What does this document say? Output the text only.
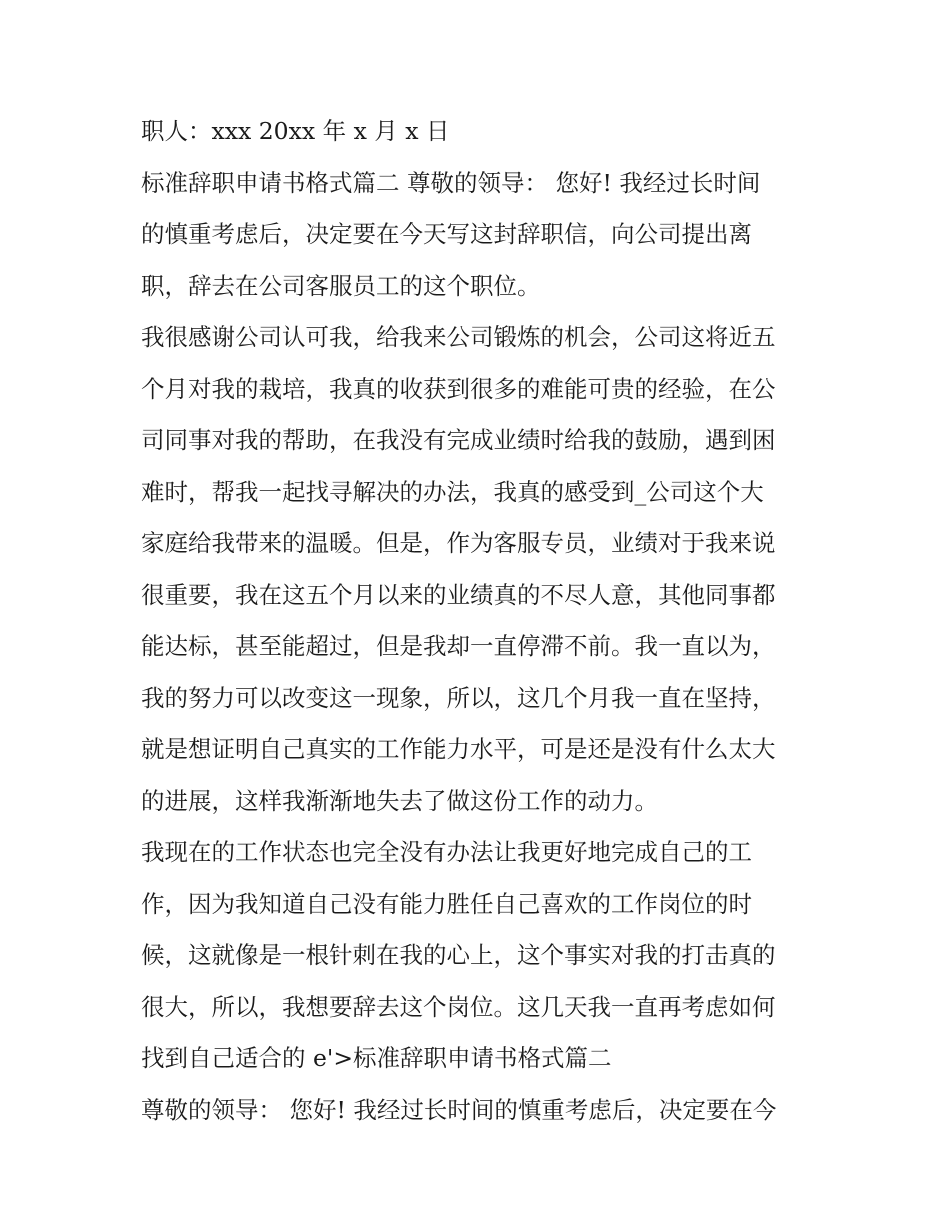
职人：xxx 20xx 年 x 月 x 日
标准辞职申请书格式篇二 尊敬的领导： 您好! 我经过长时间
的慎重考虑后，决定要在今天写这封辞职信，向公司提出离
职，辞去在公司客服员工的这个职位。
我很感谢公司认可我，给我来公司锻炼的机会，公司这将近五
个月对我的栽培，我真的收获到很多的难能可贵的经验，在公
司同事对我的帮助，在我没有完成业绩时给我的鼓励，遇到困
难时，帮我一起找寻解决的办法，我真的感受到_公司这个大
家庭给我带来的温暖。但是，作为客服专员，业绩对于我来说
很重要，我在这五个月以来的业绩真的不尽人意，其他同事都
能达标，甚至能超过，但是我却一直停滞不前。我一直以为，
我的努力可以改变这一现象，所以，这几个月我一直在坚持，
就是想证明自己真实的工作能力水平，可是还是没有什么太大
的进展，这样我渐渐地失去了做这份工作的动力。
我现在的工作状态也完全没有办法让我更好地完成自己的工
作，因为我知道自己没有能力胜任自己喜欢的工作岗位的时
候，这就像是一根针刺在我的心上，这个事实对我的打击真的
很大，所以，我想要辞去这个岗位。这几天我一直再考虑如何
找到自己适合的 e'>标准辞职申请书格式篇二
尊敬的领导： 您好! 我经过长时间的慎重考虑后，决定要在今
